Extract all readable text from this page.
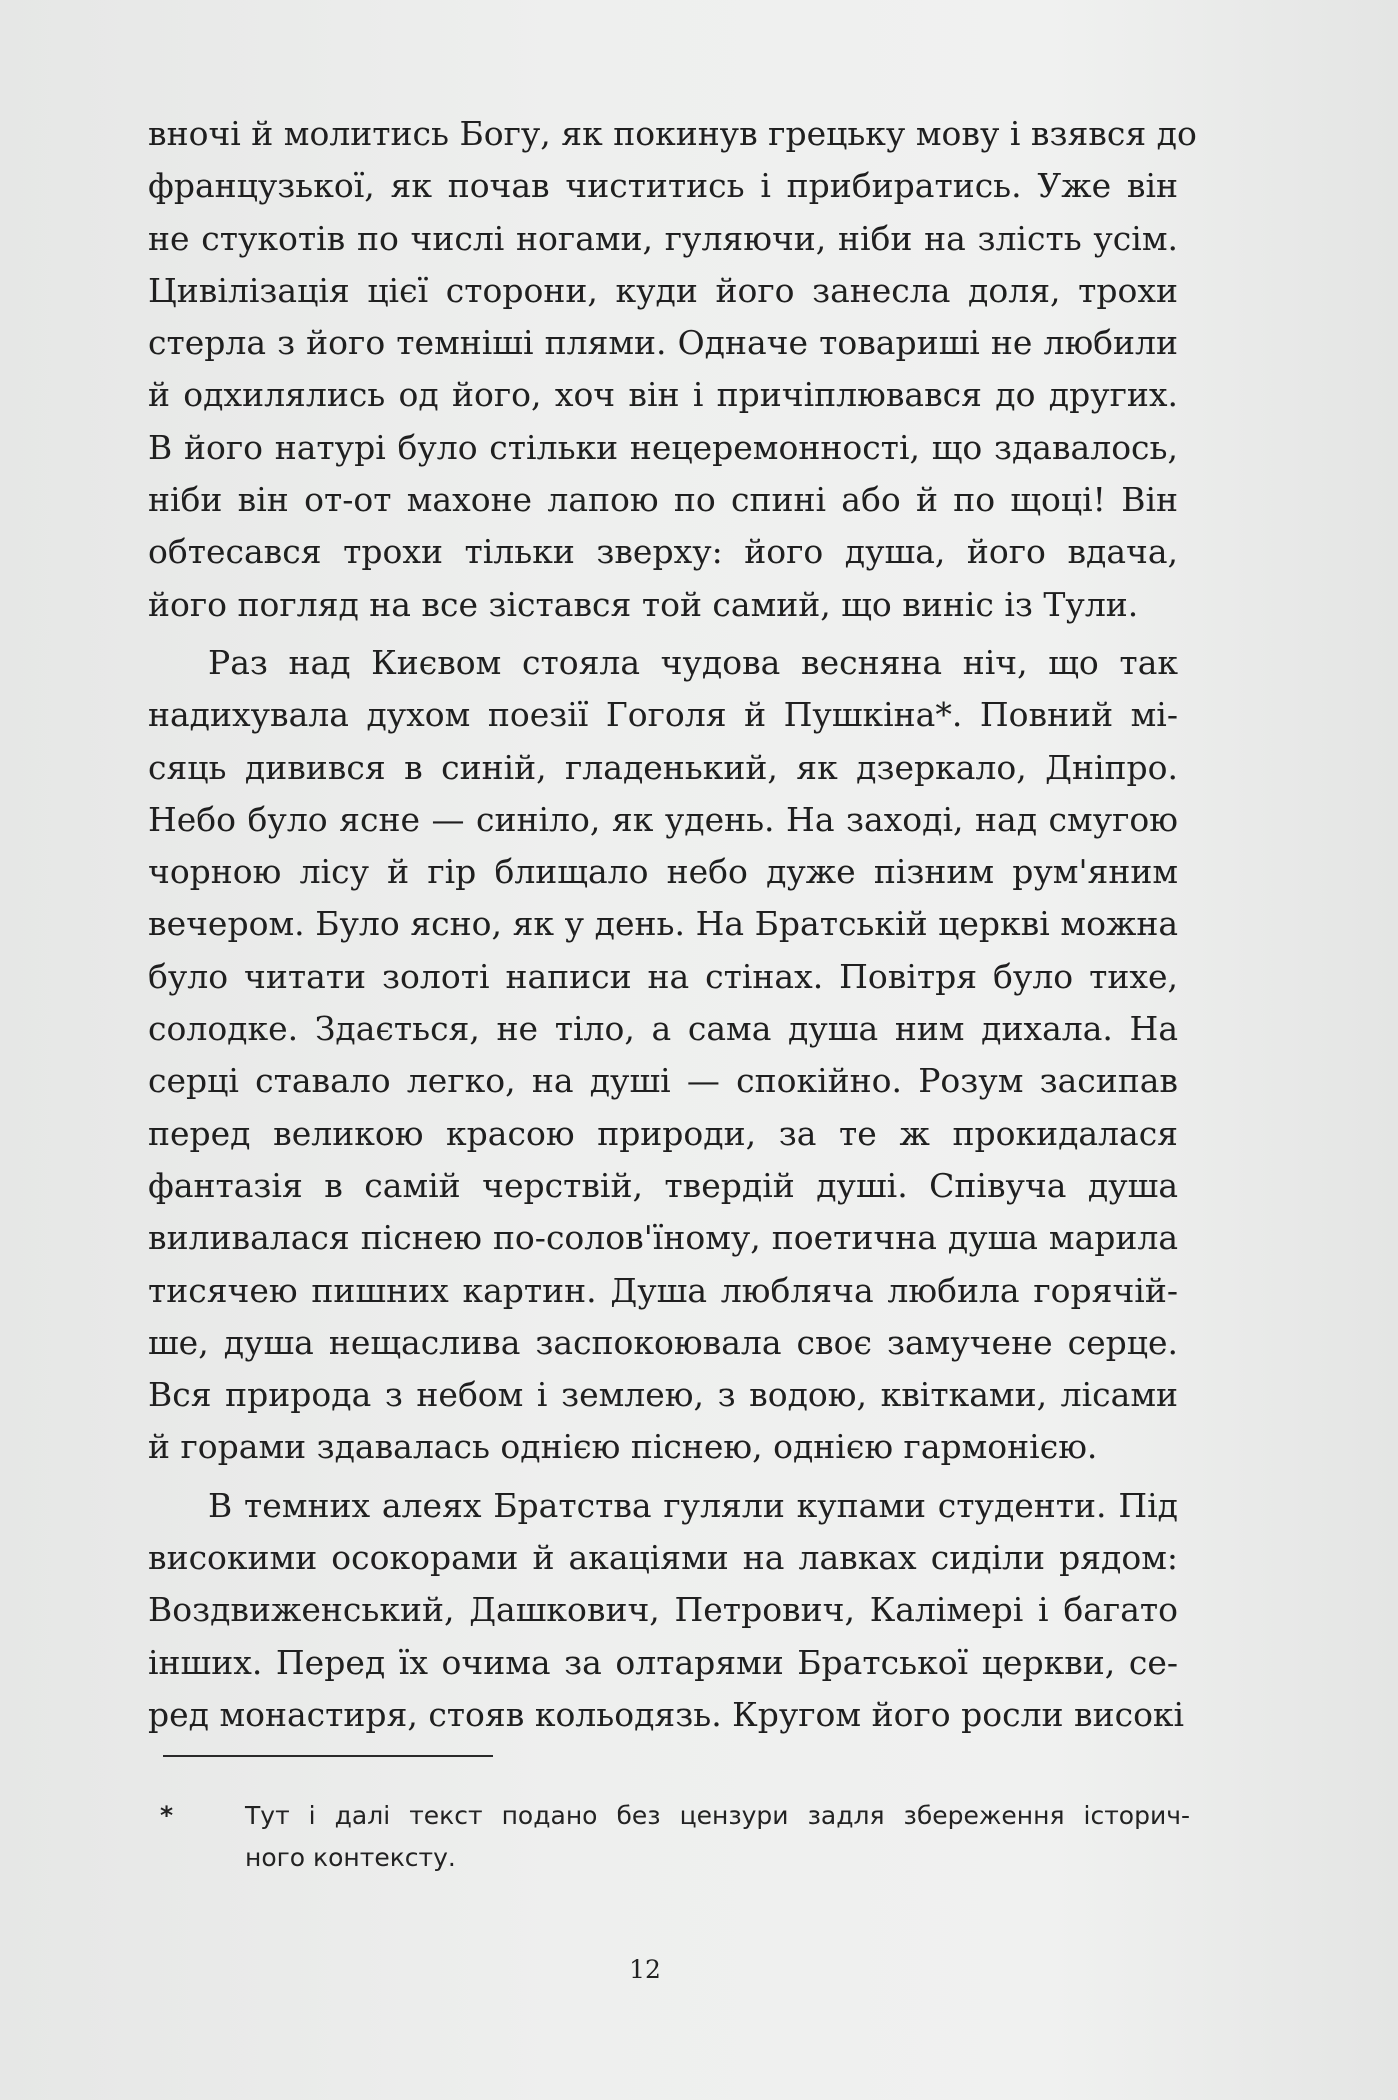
вночі й молитись Богу, як покинув грецьку мову і взявся до
французької, як почав чиститись і прибиратись. Уже він
не стукотів по числі ногами, гуляючи, ніби на злість усім.
Цивілізація цієї сторони, куди його занесла доля, трохи
стерла з його темніші плями. Одначе товариші не любили
й одхилялись од його, хоч він і причіплювався до других.
В його натурі було стільки нецеремонності, що здавалось,
ніби він от-от махоне лапою по спині або й по щоці! Він
обтесався трохи тільки зверху: його душа, його вдача,
його погляд на все зістався той самий, що виніс із Тули.
Раз над Києвом стояла чудова весняна ніч, що так
надихувала духом поезії Гоголя й Пушкіна*. Повний мі-
сяць дивився в синій, гладенький, як дзеркало, Дніпро.
Небо було ясне — синіло, як удень. На заході, над смугою
чорною лісу й гір блищало небо дуже пізним рум'яним
вечером. Було ясно, як у день. На Братській церкві можна
було читати золоті написи на стінах. Повітря було тихе,
солодке. Здається, не тіло, а сама душа ним дихала. На
серці ставало легко, на душі — спокійно. Розум засипав
перед великою красою природи, за те ж прокидалася
фантазія в самій черствій, твердій душі. Співуча душа
виливалася піснею по-солов'їному, поетична душа марила
тисячею пишних картин. Душа любляча любила горячій-
ше, душа нещаслива заспокоювала своє замучене серце.
Вся природа з небом і землею, з водою, квітками, лісами
й горами здавалась однією піснею, однією гармонією.
В темних алеях Братства гуляли купами студенти. Під
високими осокорами й акаціями на лавках сиділи рядом:
Воздвиженський, Дашкович, Петрович, Калімері і багато
інших. Перед їх очима за олтарями Братської церкви, се-
ред монастиря, стояв кольодязь. Кругом його росли високі
*	Тут і далі текст подано без цензури задля збереження історич-
ного контексту.
12
